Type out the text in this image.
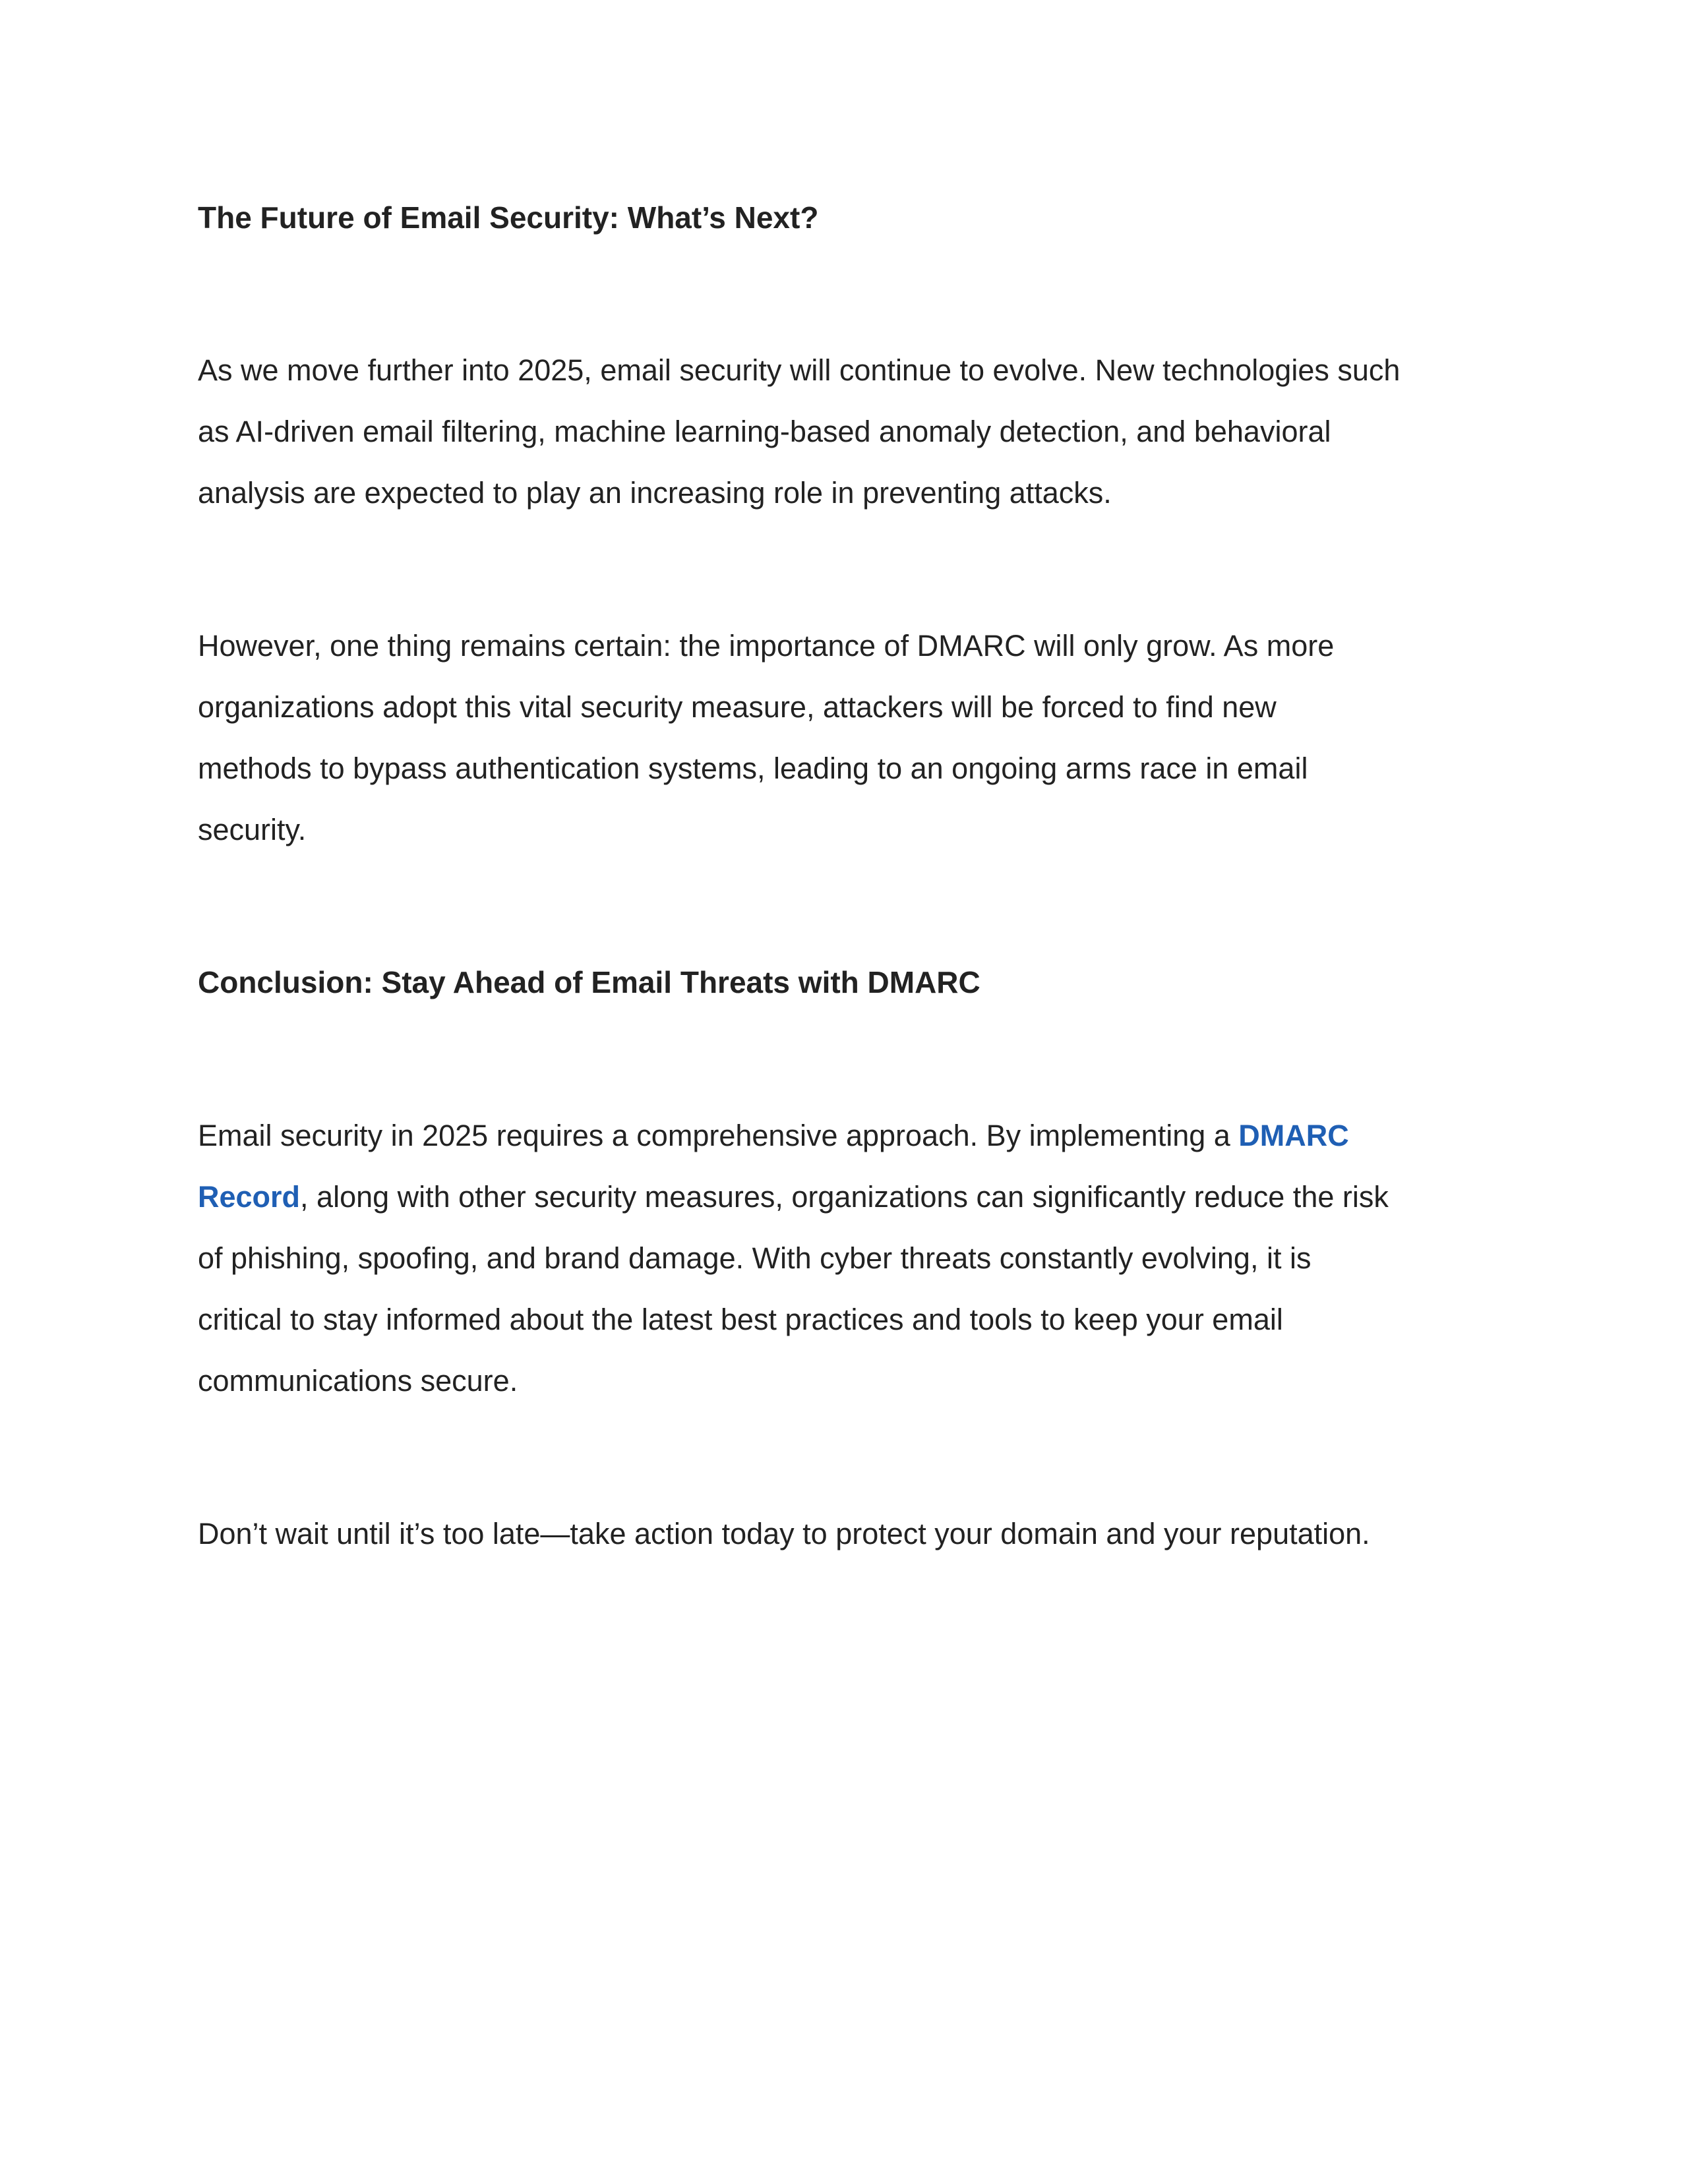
The Future of Email Security: What’s Next?

As we move further into 2025, email security will continue to evolve. New technologies such
as AI-driven email filtering, machine learning-based anomaly detection, and behavioral
analysis are expected to play an increasing role in preventing attacks.

However, one thing remains certain: the importance of DMARC will only grow. As more
organizations adopt this vital security measure, attackers will be forced to find new
methods to bypass authentication systems, leading to an ongoing arms race in email
security.

Conclusion: Stay Ahead of Email Threats with DMARC

Email security in 2025 requires a comprehensive approach. By implementing a DMARC
Record, along with other security measures, organizations can significantly reduce the risk
of phishing, spoofing, and brand damage. With cyber threats constantly evolving, it is
critical to stay informed about the latest best practices and tools to keep your email
communications secure.

Don’t wait until it’s too late—take action today to protect your domain and your reputation.
